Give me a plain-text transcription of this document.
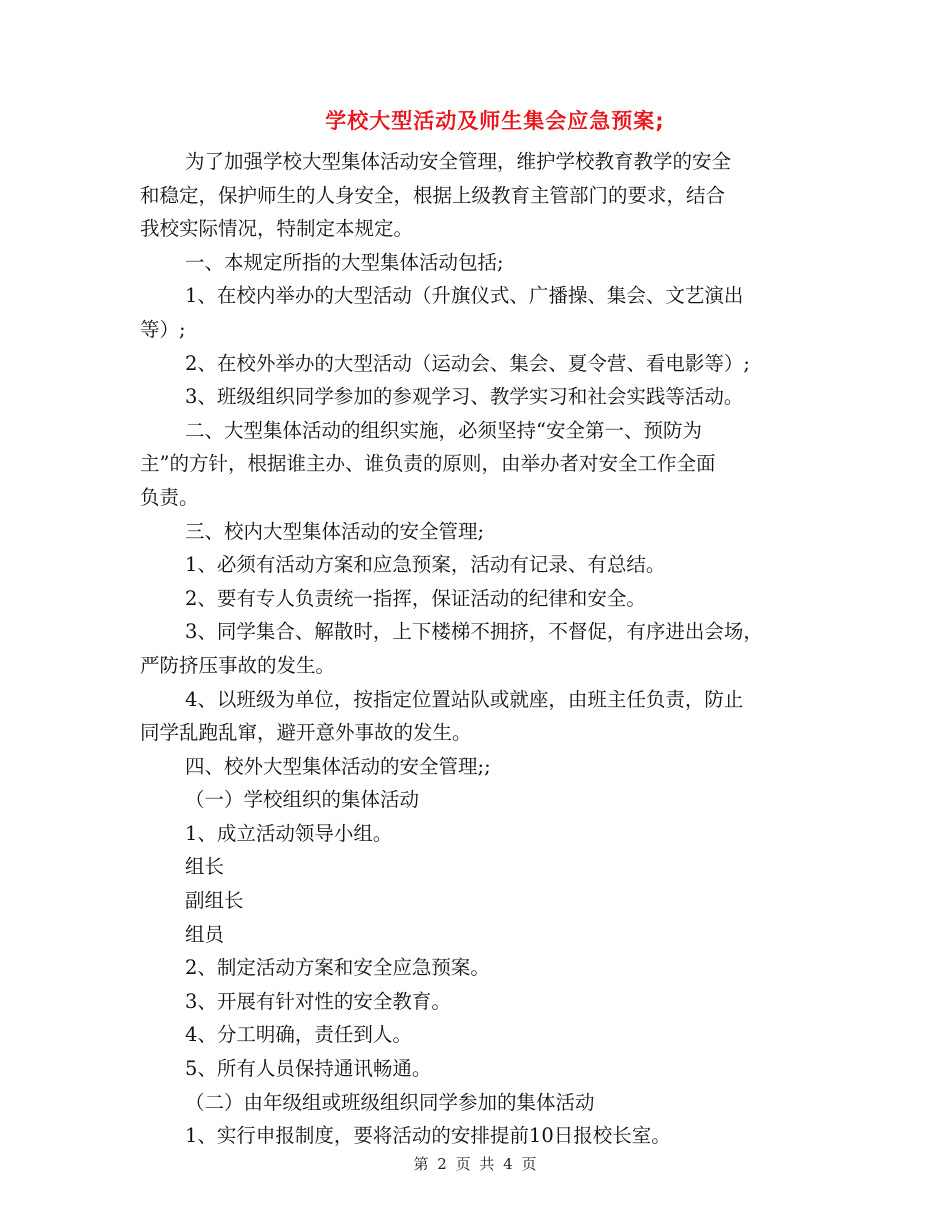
学校大型活动及师生集会应急预案;

为了加强学校大型集体活动安全管理，维护学校教育教学的安全

和稳定，保护师生的人身安全，根据上级教育主管部门的要求，结合

我校实际情况，特制定本规定。

一、本规定所指的大型集体活动包括;

1、在校内举办的大型活动（升旗仪式、广播操、集会、文艺演出

等）;

2、在校外举办的大型活动（运动会、集会、夏令营、看电影等）;

3、班级组织同学参加的参观学习、教学实习和社会实践等活动。

二、大型集体活动的组织实施，必须坚持“安全第一、预防为

主”的方针，根据谁主办、谁负责的原则，由举办者对安全工作全面

负责。

三、校内大型集体活动的安全管理;

1、必须有活动方案和应急预案，活动有记录、有总结。

2、要有专人负责统一指挥，保证活动的纪律和安全。

3、同学集合、解散时，上下楼梯不拥挤，不督促，有序进出会场，

严防挤压事故的发生。

4、以班级为单位，按指定位置站队或就座，由班主任负责，防止

同学乱跑乱窜，避开意外事故的发生。

四、校外大型集体活动的安全管理;;

（一）学校组织的集体活动

1、成立活动领导小组。

组长

副组长

组员

2、制定活动方案和安全应急预案。

3、开展有针对性的安全教育。

4、分工明确，责任到人。

5、所有人员保持通讯畅通。

（二）由年级组或班级组织同学参加的集体活动

1、实行申报制度，要将活动的安排提前10日报校长室。

第 2 页 共 4 页
